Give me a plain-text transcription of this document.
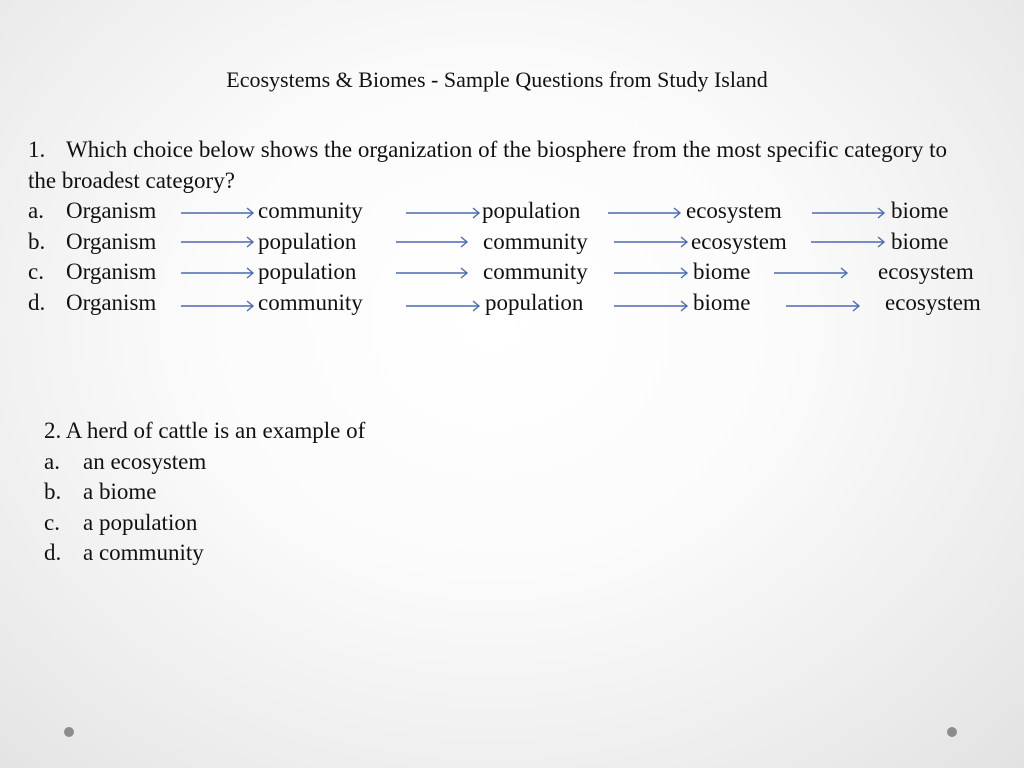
Ecosystems & Biomes - Sample Questions from Study Island
1. Which choice below shows the organization of the biosphere from the most specific category to the broadest category?
a. Organism	community	population	ecosystem	biome
b. Organism	population	community	ecosystem	biome
c. Organism	population	community	biome	ecosystem
d. Organism	community	population	biome	ecosystem
2. A herd of cattle is an example of
a. an ecosystem
b. a biome
c. a population
d. a community
